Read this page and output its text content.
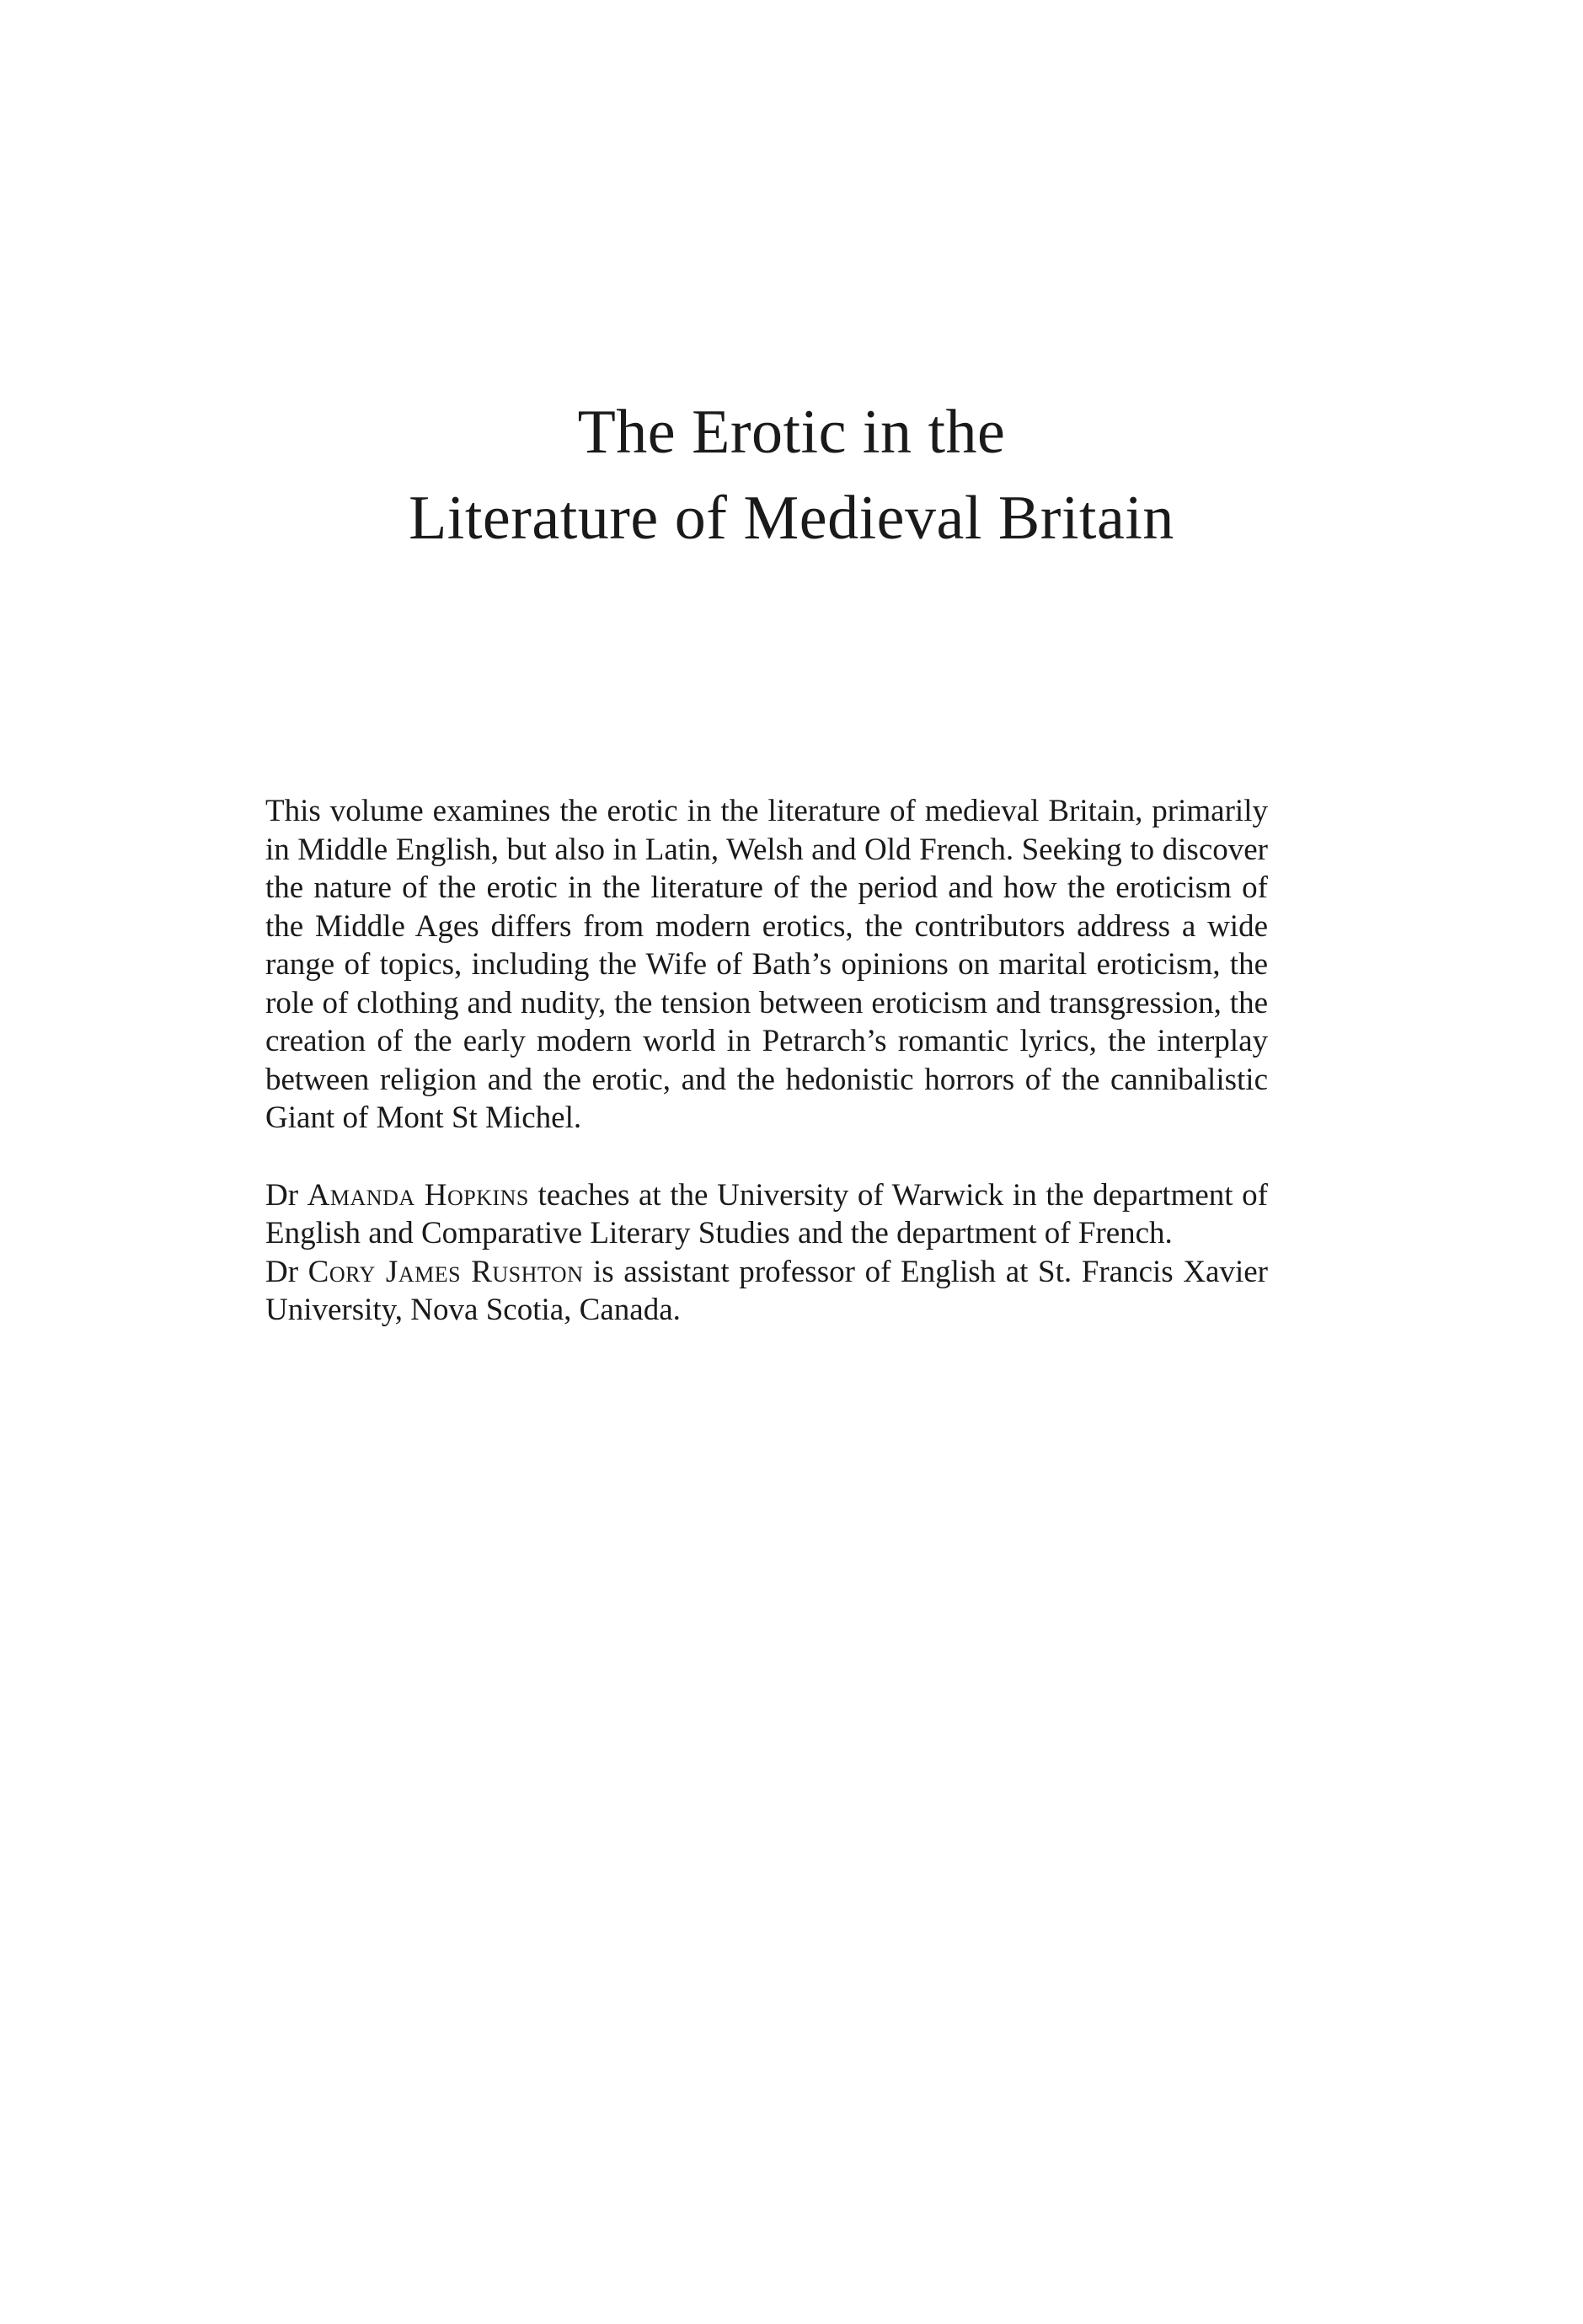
The Erotic in the
Literature of Medieval Britain

This volume examines the erotic in the literature of medieval Britain, primarily in Middle English, but also in Latin, Welsh and Old French. Seeking to discover the nature of the erotic in the literature of the period and how the eroticism of the Middle Ages differs from modern erotics, the contributors address a wide range of topics, including the Wife of Bath’s opinions on marital eroticism, the role of clothing and nudity, the tension between eroticism and transgression, the creation of the early modern world in Petrarch’s romantic lyrics, the interplay between religion and the erotic, and the hedonistic horrors of the cannibalistic Giant of Mont St Michel.

Dr Amanda Hopkins teaches at the University of Warwick in the department of English and Comparative Literary Studies and the department of French.

Dr Cory James Rushton is assistant professor of English at St. Francis Xavier University, Nova Scotia, Canada.
